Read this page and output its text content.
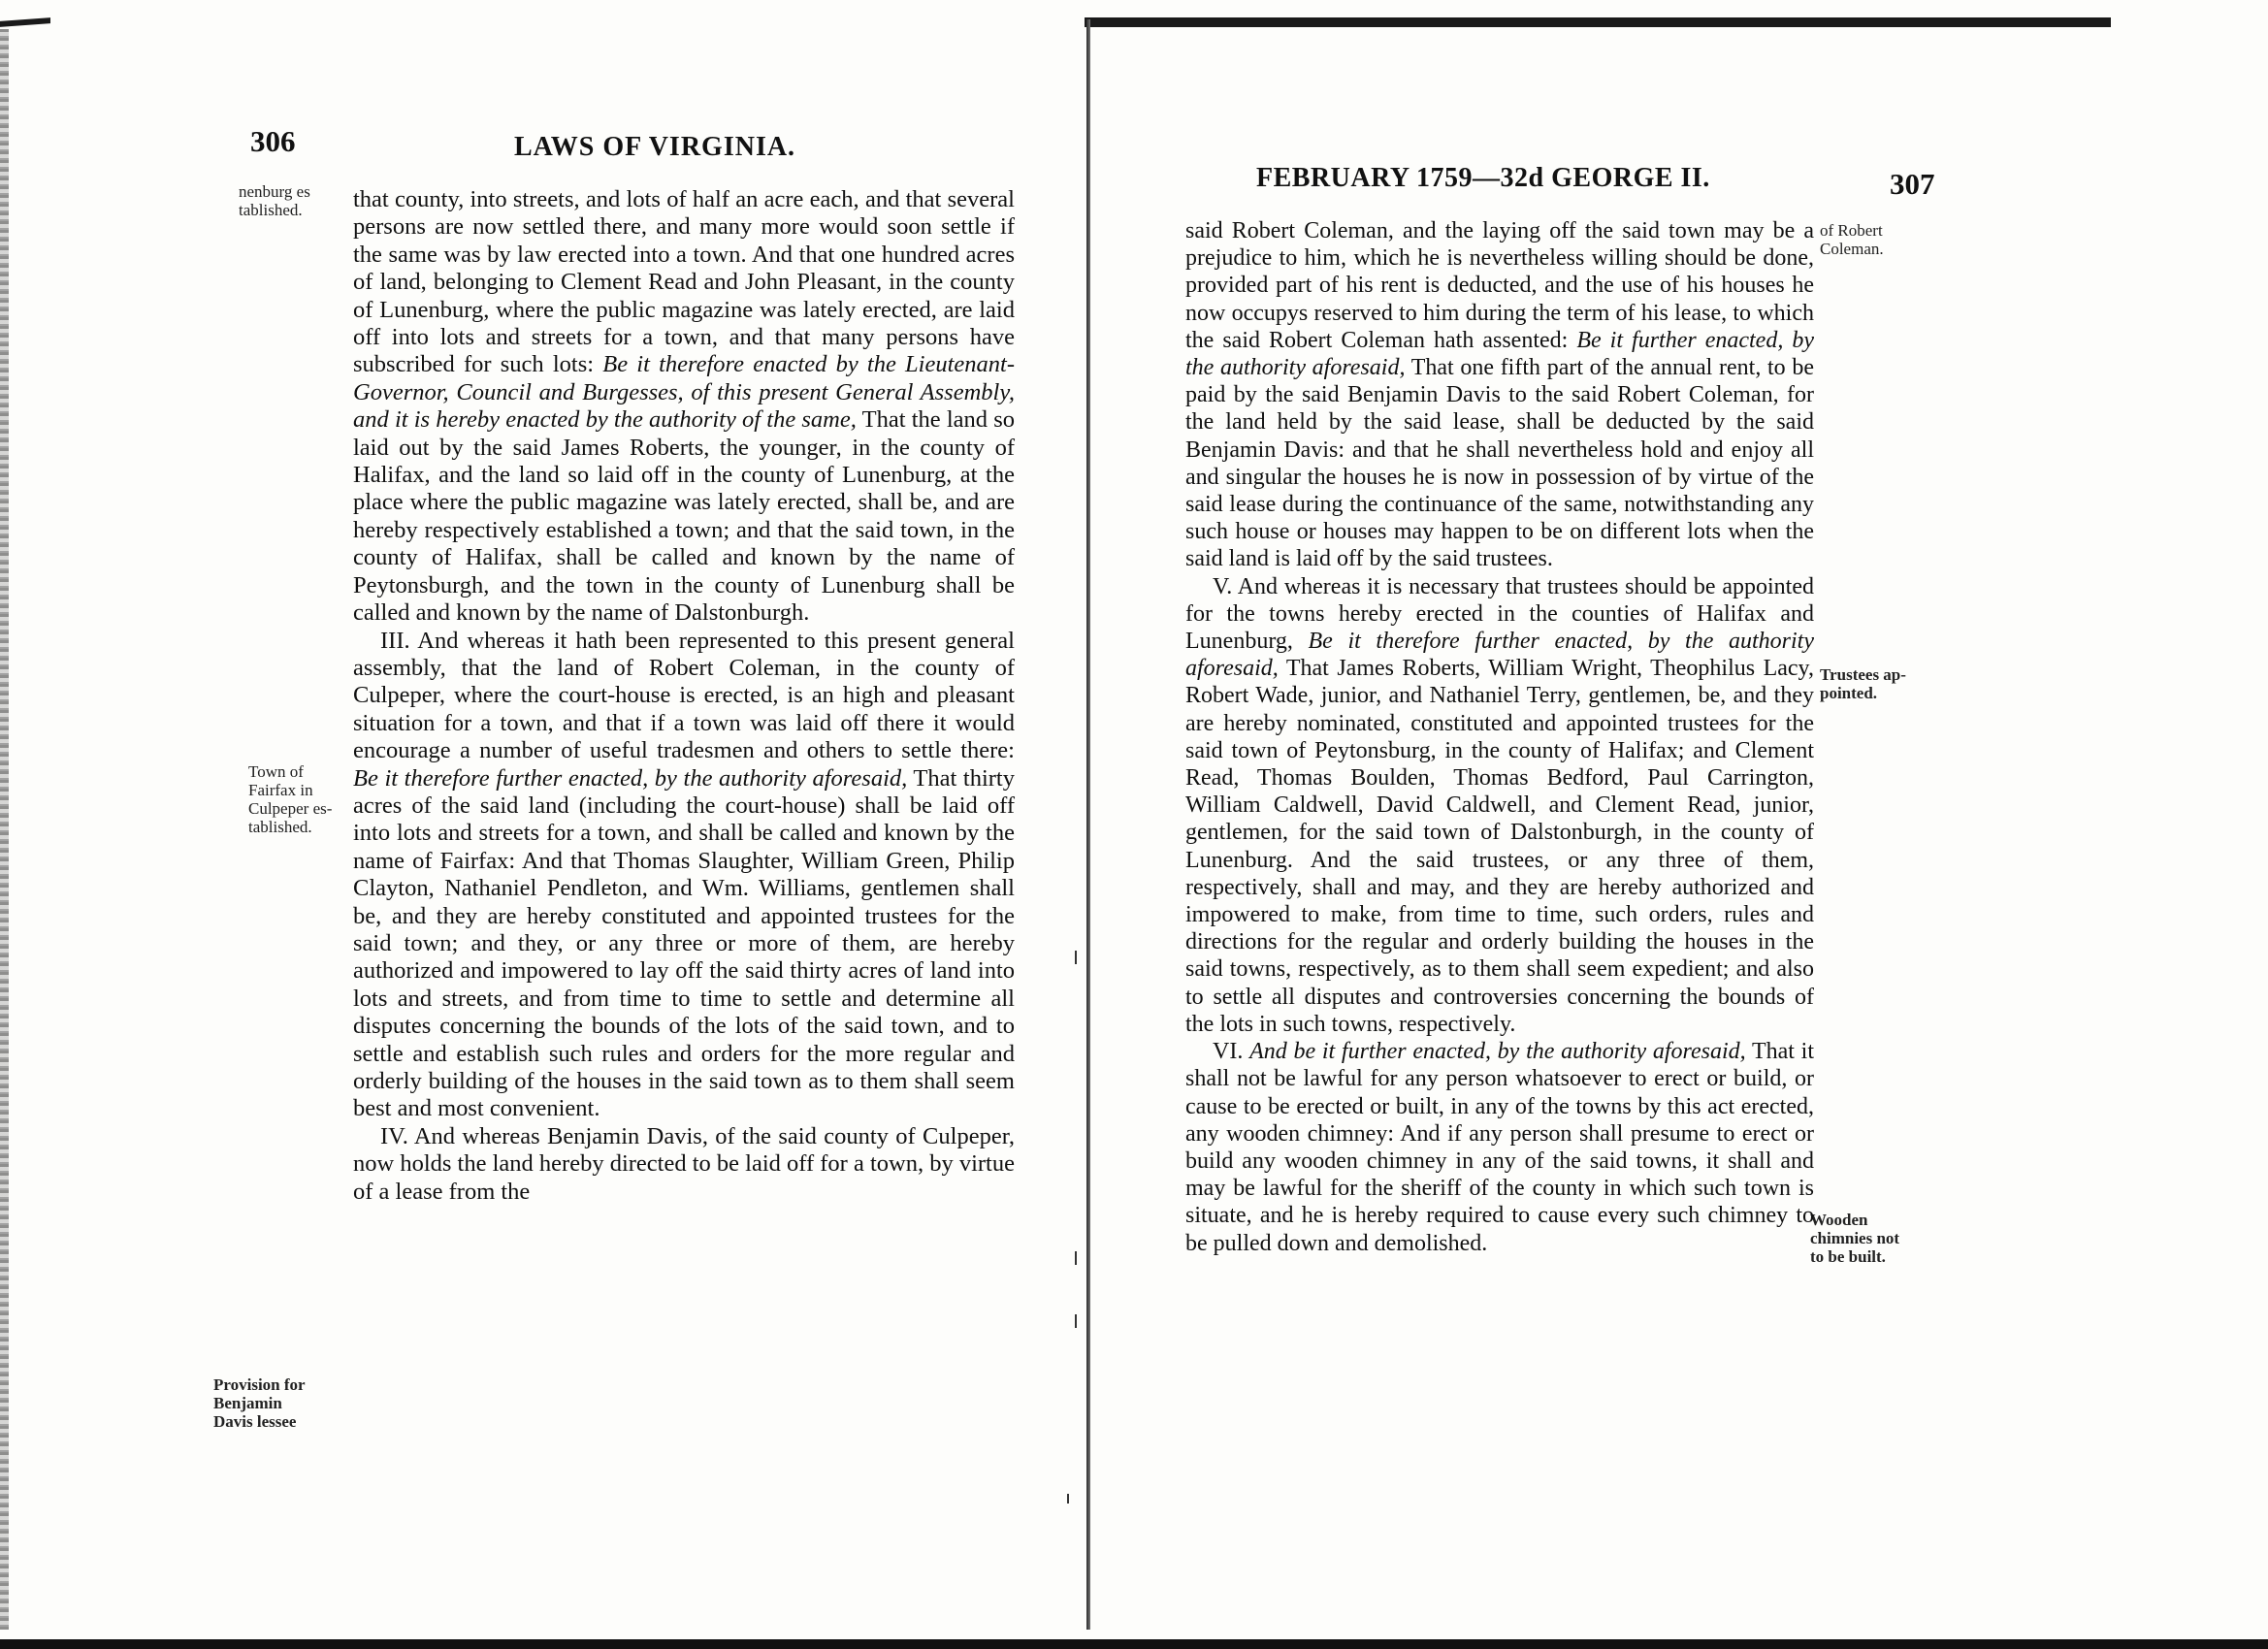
306	LAWS OF VIRGINIA.
nenburg es
tablished.
Town of
Fairfax in
Culpeper es-
tablished.
Provision for
Benjamin
Davis lessee

that county, into streets, and lots of half an acre each, and that several persons are now settled there, and many more would soon settle if the same was by law erected into a town. And that one hundred acres of land, belonging to Clement Read and John Pleasant, in the county of Lunenburg, where the public magazine was lately erected, are laid off into lots and streets for a town, and that many persons have subscribed for such lots: Be it therefore enacted by the Lieutenant-Governor, Council and Burgesses, of this present General Assembly, and it is hereby enacted by the authority of the same, That the land so laid out by the said James Roberts, the younger, in the county of Halifax, and the land so laid off in the county of Lunenburg, at the place where the public magazine was lately erected, shall be, and are hereby respectively established a town; and that the said town, in the county of Halifax, shall be called and known by the name of Peytonsburgh, and the town in the county of Lunenburg shall be called and known by the name of Dalstonburgh.

III. And whereas it hath been represented to this present general assembly, that the land of Robert Coleman, in the county of Culpeper, where the court-house is erected, is an high and pleasant situation for a town, and that if a town was laid off there it would encourage a number of useful tradesmen and others to settle there: Be it therefore further enacted, by the authority aforesaid, That thirty acres of the said land (including the court-house) shall be laid off into lots and streets for a town, and shall be called and known by the name of Fairfax: And that Thomas Slaughter, William Green, Philip Clayton, Nathaniel Pendleton, and Wm. Williams, gentlemen shall be, and they are hereby constituted and appointed trustees for the said town; and they, or any three or more of them, are hereby authorized and impowered to lay off the said thirty acres of land into lots and streets, and from time to time to settle and determine all disputes concerning the bounds of the lots of the said town, and to settle and establish such rules and orders for the more regular and orderly building of the houses in the said town as to them shall seem best and most convenient.

IV. And whereas Benjamin Davis, of the said county of Culpeper, now holds the land hereby directed to be laid off for a town, by virtue of a lease from the

FEBRUARY 1759—32d GEORGE II.	307
of Robert
Coleman.
Trustees ap-
pointed.
Wooden
chimnies not
to be built.

said Robert Coleman, and the laying off the said town may be a prejudice to him, which he is nevertheless willing should be done, provided part of his rent is deducted, and the use of his houses he now occupys reserved to him during the term of his lease, to which the said Robert Coleman hath assented: Be it further enacted, by the authority aforesaid, That one fifth part of the annual rent, to be paid by the said Benjamin Davis to the said Robert Coleman, for the land held by the said lease, shall be deducted by the said Benjamin Davis: and that he shall nevertheless hold and enjoy all and singular the houses he is now in possession of by virtue of the said lease during the continuance of the same, notwithstanding any such house or houses may happen to be on different lots when the said land is laid off by the said trustees.

V. And whereas it is necessary that trustees should be appointed for the towns hereby erected in the counties of Halifax and Lunenburg, Be it therefore further enacted, by the authority aforesaid, That James Roberts, William Wright, Theophilus Lacy, Robert Wade, junior, and Nathaniel Terry, gentlemen, be, and they are hereby nominated, constituted and appointed trustees for the said town of Peytonsburg, in the county of Halifax; and Clement Read, Thomas Boulden, Thomas Bedford, Paul Carrington, William Caldwell, David Caldwell, and Clement Read, junior, gentlemen, for the said town of Dalstonburgh, in the county of Lunenburg. And the said trustees, or any three of them, respectively, shall and may, and they are hereby authorized and impowered to make, from time to time, such orders, rules and directions for the regular and orderly building the houses in the said towns, respectively, as to them shall seem expedient; and also to settle all disputes and controversies concerning the bounds of the lots in such towns, respectively.

VI. And be it further enacted, by the authority aforesaid, That it shall not be lawful for any person whatsoever to erect or build, or cause to be erected or built, in any of the towns by this act erected, any wooden chimney: And if any person shall presume to erect or build any wooden chimney in any of the said towns, it shall and may be lawful for the sheriff of the county in which such town is situate, and he is hereby required to cause every such chimney to be pulled down and demolished.
